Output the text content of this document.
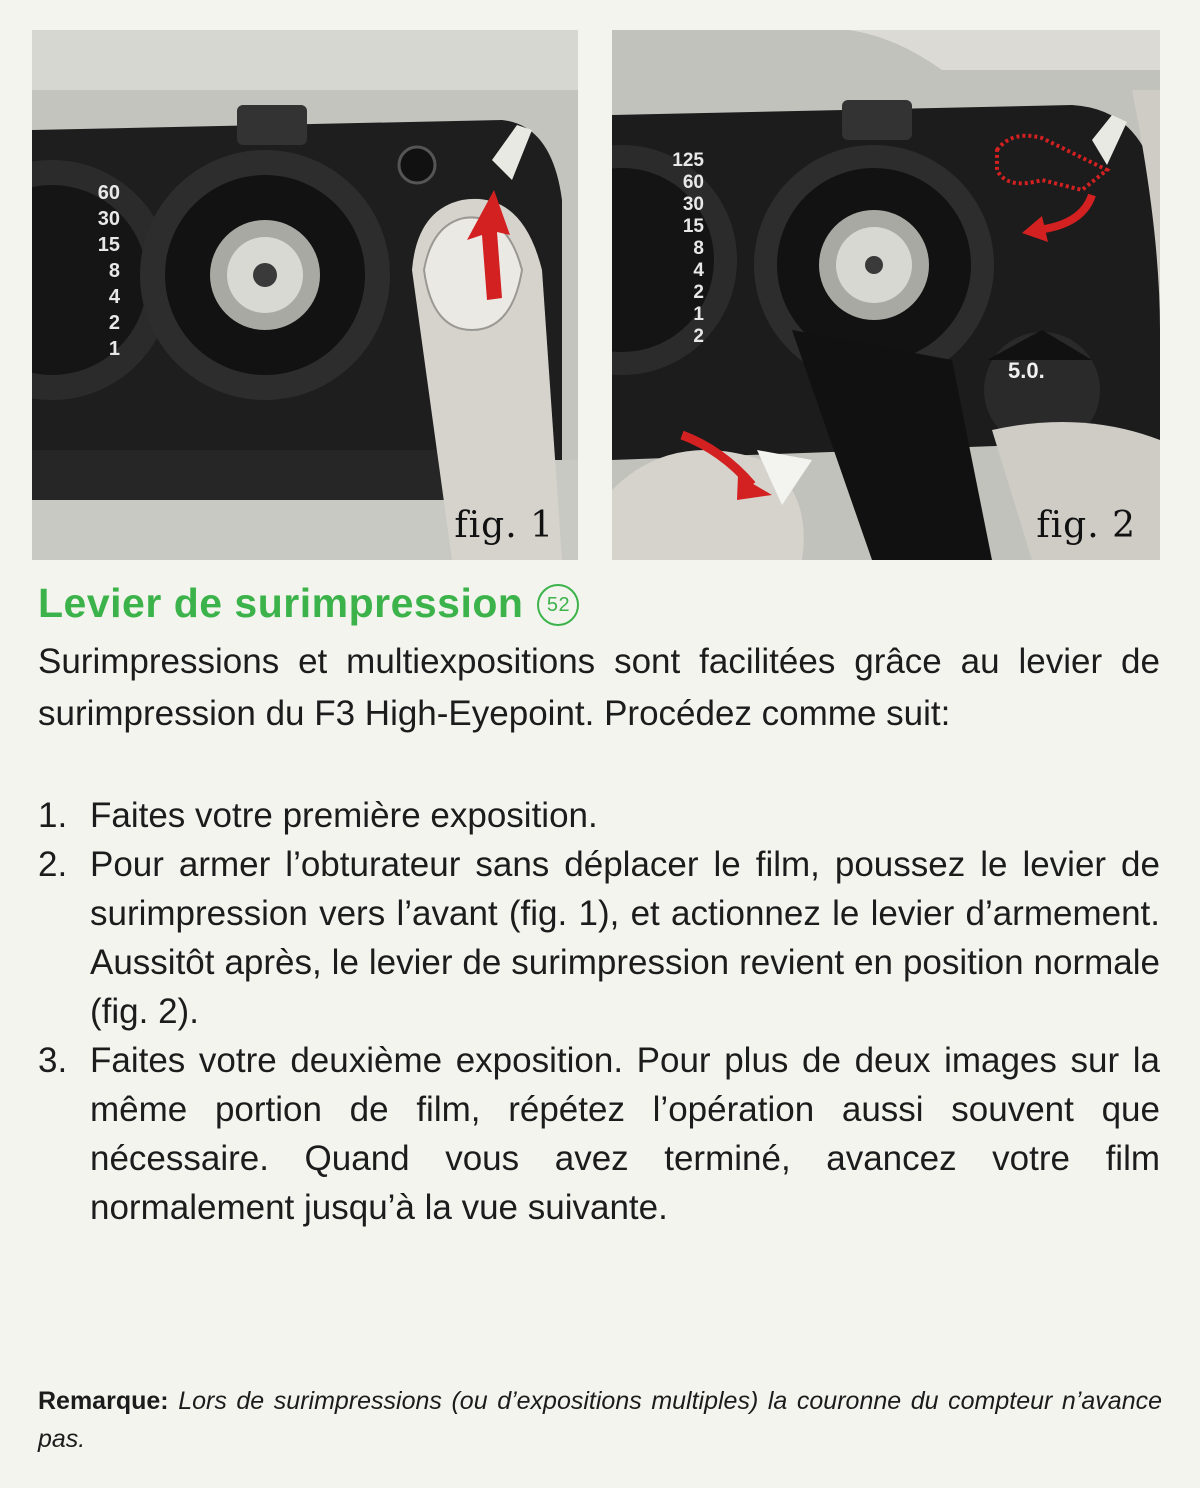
60
30
15
8
4
2
1
fig. 1
125
60
30
15
8
4
2
1
2
5.0.
fig. 2
Levier de surimpression 52

Surimpressions et multiexpositions sont facilitées grâce au levier de surimpression du F3 High-Eyepoint. Procédez comme suit:

1. Faites votre première exposition.
2. Pour armer l’obturateur sans déplacer le film, poussez le levier de surimpression vers l’avant (fig. 1), et actionnez le levier d’armement. Aussitôt après, le levier de surimpression revient en position normale (fig. 2).
3. Faites votre deuxième exposition. Pour plus de deux images sur la même portion de film, répétez l’opération aussi souvent que nécessaire. Quand vous avez terminé, avancez votre film normalement jusqu’à la vue suivante.

Remarque: Lors de surimpressions (ou d’expositions multiples) la couronne du compteur n’avance pas.
